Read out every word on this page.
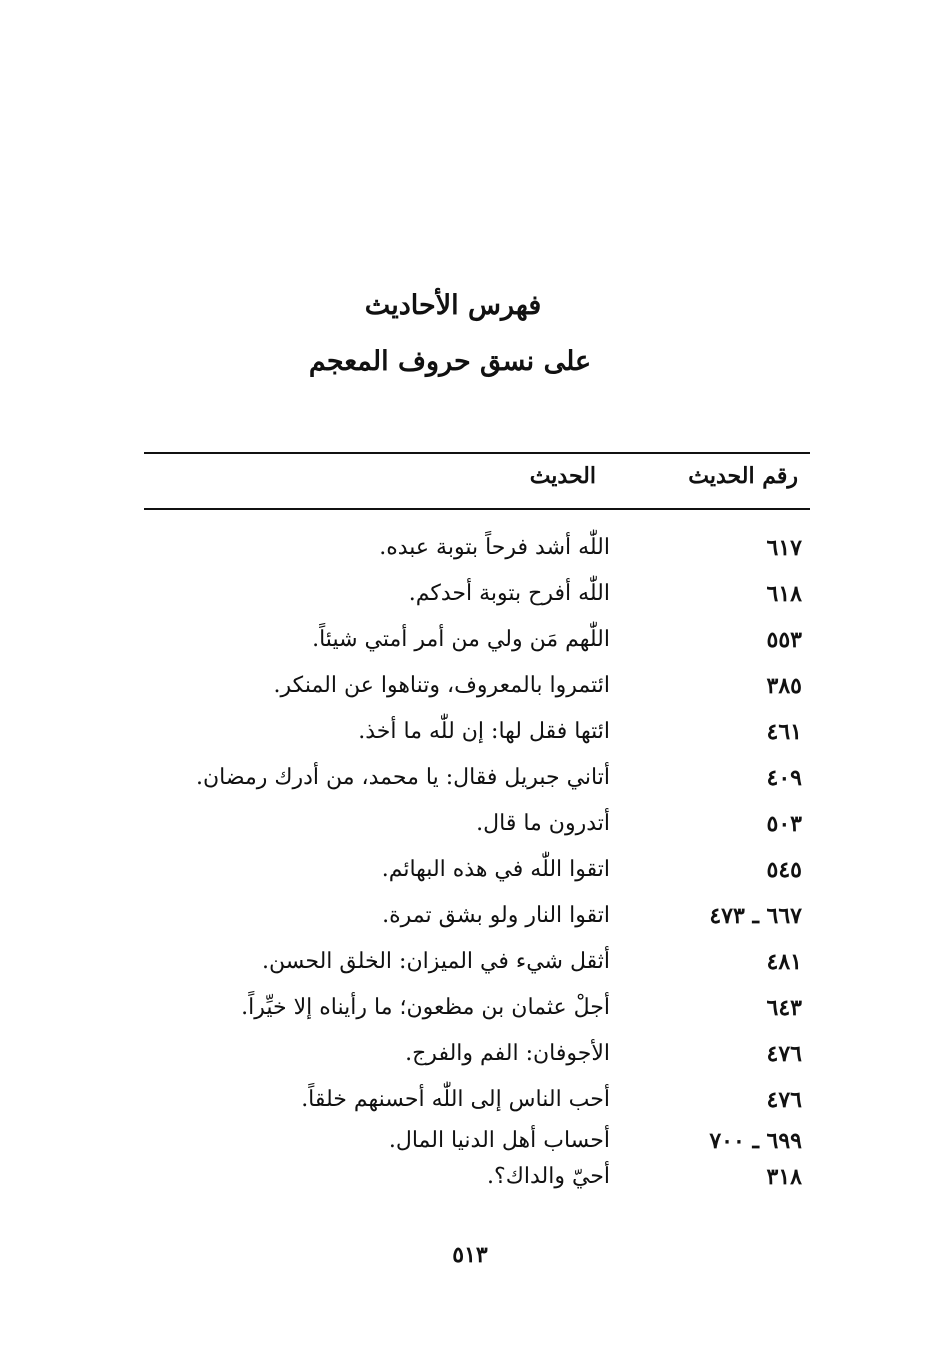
فهرس الأحاديث
على نسق حروف المعجم
رقم الحديث
الحديث
٦١٧
اللّٰه أشد فرحاً بتوبة عبده.
٦١٨
اللّٰه أفرح بتوبة أحدكم.
٥٥٣
اللّٰهم مَن ولي من أمر أمتي شيئاً.
٣٨٥
ائتمروا بالمعروف، وتناهوا عن المنكر.
٤٦١
ائتها فقل لها: إن للّٰه ما أخذ.
٤٠٩
أتاني جبريل فقال: يا محمد، من أدرك رمضان.
٥٠٣
أتدرون ما قال.
٥٤٥
اتقوا اللّٰه في هذه البهائم.
٦٦٧ ـ ٤٧٣
اتقوا النار ولو بشق تمرة.
٤٨١
أثقل شيء في الميزان: الخلق الحسن.
٦٤٣
أجلْ عثمان بن مظعون؛ ما رأيناه إلا خيِّراً.
٤٧٦
الأجوفان: الفم والفرج.
٤٧٦
أحب الناس إلى اللّٰه أحسنهم خلقاً.
٦٩٩ ـ ٧٠٠
أحساب أهل الدنيا المال.
٣١٨
أحيّ والداك؟.
٥١٣
